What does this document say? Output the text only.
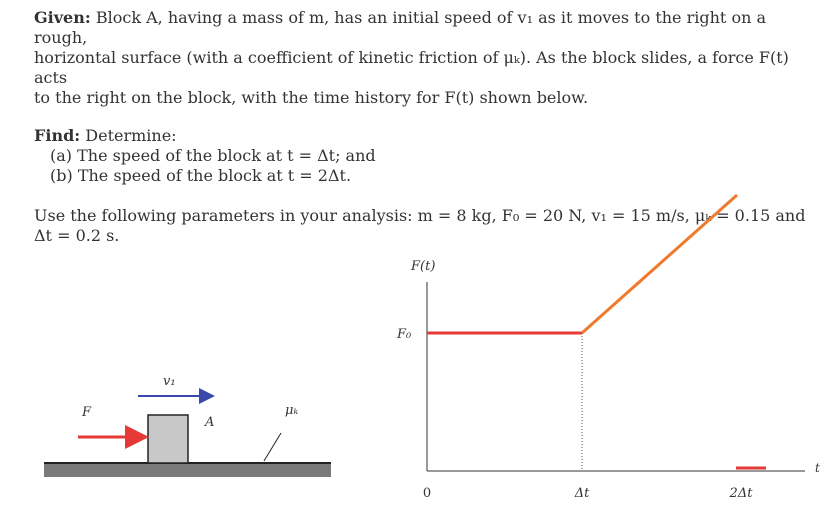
Given: Block A, having a mass of m, has an initial speed of v₁ as it moves to the right on a rough,
horizontal surface (with a coefficient of kinetic friction of μₖ). As the block slides, a force F(t) acts
to the right on the block, with the time history for F(t) shown below.

Find: Determine:

(a) The speed of the block at t = Δt; and

(b) The speed of the block at t = 2Δt.

Use the following parameters in your analysis: m = 8 kg, F₀ = 20 N, v₁ = 15 m/s, μₖ = 0.15 and
Δt = 0.2 s.

F
v₁
A
μₖ
F(t)
t
F₀
0	Δt	2Δt
